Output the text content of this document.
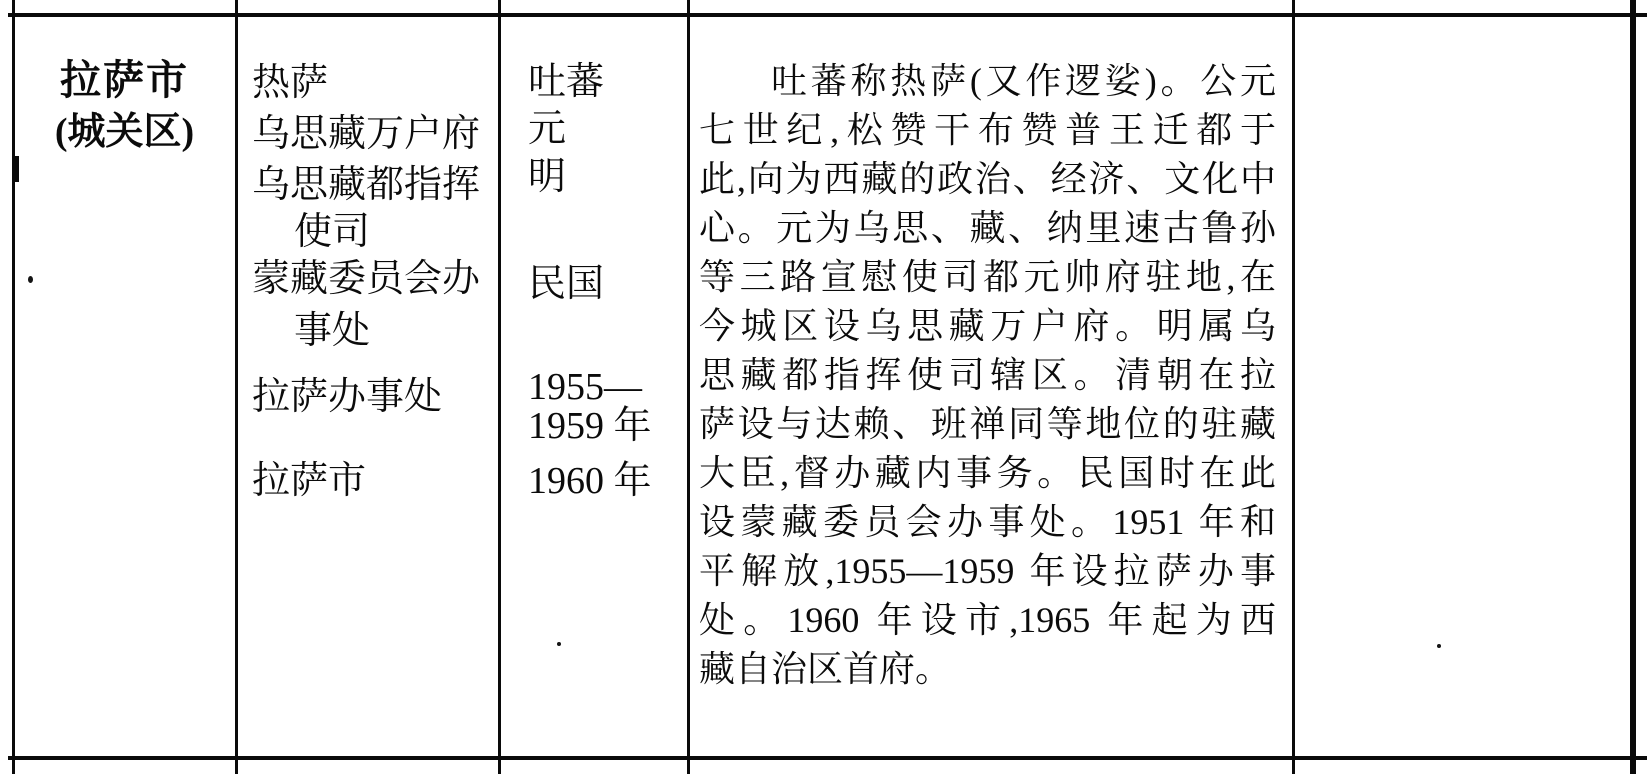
拉萨市
(城关区)
热萨
乌思藏万户府
乌思藏都指挥
使司
蒙藏委员会办
事处
拉萨办事处
拉萨市
吐蕃
元
明
民国
1955—
1959 年
1960 年
吐蕃称热萨(又作逻娑)。公元
七世纪,松赞干布赞普王迁都于
此,向为西藏的政治、经济、文化中
心。元为乌思、藏、纳里速古鲁孙
等三路宣慰使司都元帅府驻地,在
今城区设乌思藏万户府。明属乌
思藏都指挥使司辖区。清朝在拉
萨设与达赖、班禅同等地位的驻藏
大臣,督办藏内事务。民国时在此
设蒙藏委员会办事处。1951 年和
平解放,1955—1959 年设拉萨办事
处。1960 年设市,1965 年起为西
藏自治区首府。
